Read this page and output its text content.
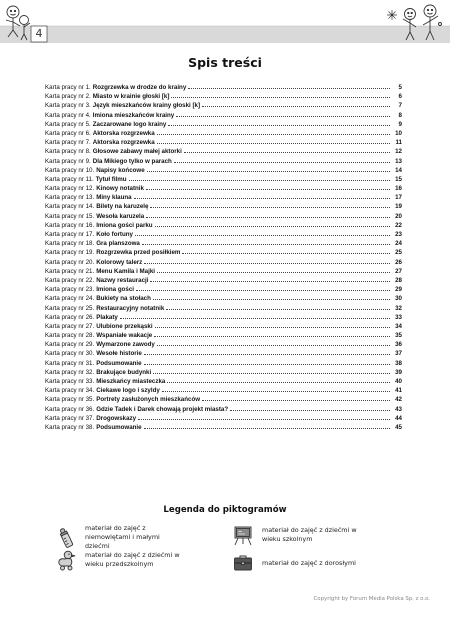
4
Spis treści
Karta pracy nr 1. Rozgrzewka w drodze do krainy	5
Karta pracy nr 2. Miasto w krainie głoski [k]	6
Karta pracy nr 3. Język mieszkańców krainy głoski [k]	7
Karta pracy nr 4. Imiona mieszkańców krainy	8
Karta pracy nr 5. Zaczarowane logo krainy	9
Karta pracy nr 6. Aktorska rozgrzewka	10
Karta pracy nr 7. Aktorska rozgrzewka	11
Karta pracy nr 8. Głosowe zabawy małej aktorki	12
Karta pracy nr 9. Dla Mikiego tylko w parach	13
Karta pracy nr 10. Napisy końcowe	14
Karta pracy nr 11. Tytuł filmu	15
Karta pracy nr 12. Kinowy notatnik	16
Karta pracy nr 13. Miny klauna	17
Karta pracy nr 14. Bilety na karuzelę	19
Karta pracy nr 15. Wesoła karuzela	20
Karta pracy nr 16. Imiona gości parku	22
Karta pracy nr 17. Koło fortuny	23
Karta pracy nr 18. Gra planszowa	24
Karta pracy nr 19. Rozgrzewka przed posiłkiem	25
Karta pracy nr 20. Kolorowy talerz	26
Karta pracy nr 21. Menu Kamila i Majki	27
Karta pracy nr 22. Nazwy restauracji	28
Karta pracy nr 23. Imiona gości	29
Karta pracy nr 24. Bukiety na stołach	30
Karta pracy nr 25. Restauracyjny notatnik	32
Karta pracy nr 26. Plakaty	33
Karta pracy nr 27. Ulubione przekąski	34
Karta pracy nr 28. Wspaniałe wakacje	35
Karta pracy nr 29. Wymarzone zawody	36
Karta pracy nr 30. Wesołe historie	37
Karta pracy nr 31. Podsumowanie	38
Karta pracy nr 32. Brakujące budynki	39
Karta pracy nr 33. Mieszkańcy miasteczka	40
Karta pracy nr 34. Ciekawe logo i szyldy	41
Karta pracy nr 35. Portrety zasłużonych mieszkańców	42
Karta pracy nr 36. Gdzie Tadek i Darek chowają projekt miasta?	43
Karta pracy nr 37. Drogowskazy	44
Karta pracy nr 38. Podsumowanie	45
Legenda do piktogramów
materiał do zajęć z niemowlętami i małymi dziećmi
materiał do zajęć z dziećmi w wieku szkolnym
materiał do zajęć z dziećmi w wieku przedszkolnym	materiał do zajęć z dorosłymi
Copyright by Forum Media Polska Sp. z o.o.
